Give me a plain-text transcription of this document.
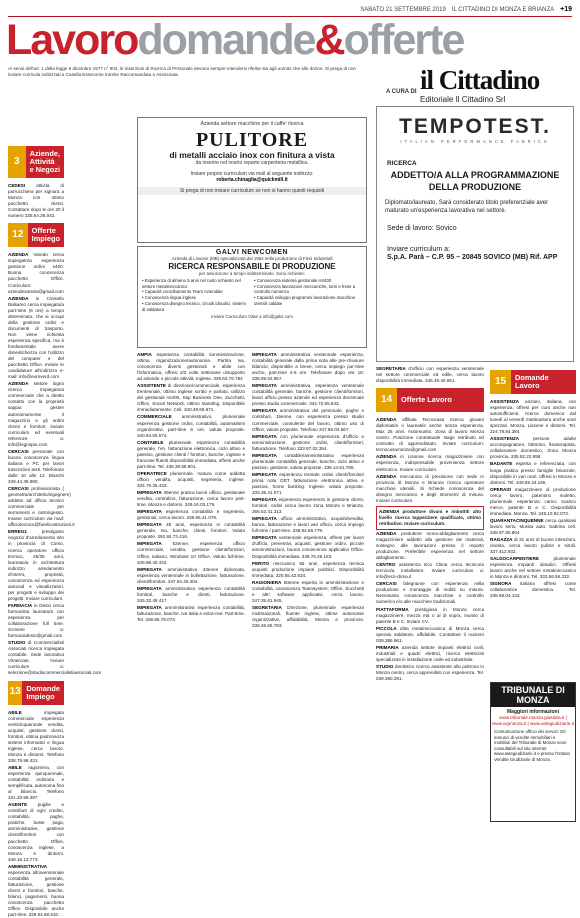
SABATO 21 SETTEMBRE 2019 IL CITTADINO DI MONZA E BRIANZA +19
Lavorodomande&offerte
Ai sensi dell'art. 1 della legge 9 dicembre 1977 n° 903, le inserzioni di Ricerca di Personale devono sempre intendersi riferite sia agli uomini che alle donne. Si prega di non inviare curricula indirizzati a Casella Essecome tramite Raccomandata o Assicurata.
A CURA DI il Cittadino
Editoriale Il Cittadino Srl
3
Aziende, Attività e Negozi

CEDESI attività di parrucchiera per signora a Monza con ottimo pacchetto clienti. Contattare dopo le ore 20 il numero 335.64.36.043.

12	Offerte Impiego

AZIENDA Varedo cerca impiegato/a esperienza gestione ordini s400. Buona conoscenza pacchetto Office. Curriculum: aziendevaredo@gmail.com

AZIENDA in Cinisello Balsamo cerca impiegato/a part-time (6 ore) a tempo determinato, che si occupi della gestione ordini e documenti di trasporto. Non viene richiesta esperienza specifica, ma è fondamentale avere dimestichezza con l'utilizzo del computer e del pacchetto Office. Inviare le candidature all'indirizzo e-mail: info@euroverd.com

AZIENDA settore logno ricerca impiegato/a commerciale che a diretto contatto con la proprietà sappia gestire autonomamente il magazzino e gli ordini clienti e fornitori; inviare curriculum ed eventuali referenze a: info@legnopiu.com

CERCASI personale con buona conoscenza lingua italiana e PC per lavori trascrizioni testi. Telefonare dalle 10 alle 12. Bianchi 349.44.39.880.

CERCASI professionista ( geometra/architetto/ingegnere) addetto ad ufficio tecnico commerciale per serramenti e cartongesso. Inviare curriculum via mail: ufficiotecnico@farelicostruzioni.it

ERREG1 prestigioso negozio d'arredamento sito in provincia di Como, ricerca operatore ufficio tecnico, 25/35 anni, laureato/a in architettura indirizzo arredamento d'interni, proprietà, conoscenza ed esperienza autocad e visualizzatori, per progetti e sviluppo dei progetti. Inviare curriculum.

FARMACIA in Desio cerca farmacista laureato/a con esperienza per collaborazione full time. Scrivere a: farmaciadesio@gmail.com

STUDIO di Commercialisti Associati ricerca impiegata contabile. Sede lavorativa Vimercate. Inviare curriculum a: selezione@studiocommercialistiassociati.com

13 Domande Impiego

ABILE impiegata commerciale esperienza venticinquennale vendita, acquisti, gestione clienti, fornitori, ottima padronanza sistemi informatici e lingua inglese, cerca lavoro. Monza e dintorni. Telefono 338.79.96.431.

ABILE ragioniera, con esperienza quinquennale, contabilità ordinaria e semplificata, autonoma fino al bilancio. Telefono 331.20.58.397

AGENTE pugilie e contributi di ogni credito, contabilità, paghe, pratiche, buste paga, amministrative, gestione clienti/fornitori con pacchetto Office, conoscenza inglese, a Monza e dintorni. 348.16.13.773.

AMMINISTRATIVA esperienza ultraventennale contabilità generale, fatturazione, gestione clienti e fornitori, banche, bilanci, pagamenti, buona conoscenza pacchetto Office. Disponibile anche part-time. 329.54.88.910.

Azienda settore macchine per il caffe' ricerca
PULITORE
di metalli acciaio inox con finitura a vista
da inserire nel nostro reparto carpenteria metallica.
Inviare proprio curriculum via mail al seguente indirizzo:
roberta.chinaglia@quickmill.it
Si prega di non inviare curriculum se non si hanno questi requisiti
GALVI NEWCOMEN
Azienda di Lissone (MB) specializzata dal 1962 nella produzione di Fieni Industriali
RICERCA RESPONSABILE DI PRODUZIONE
per assunzione a tempo indeterminato. Sono richieste:
• Esperienza di almeno 5 anni nel ruolo richiesto nel settore metalmeccanico
• Capacità coordinamento Team Aziendale
• Conoscenza lingua inglese
• Conoscenza disegno tecnico, circuiti idraulici, sistemi di saldatura
• Conoscenza sistema gestionale AS400
• Conoscenza lavorazioni meccaniche, torni e frese a controllo numerico
• Capacità sviluppo programmi lavorazione macchine utensili caldaie
Inviare Curriculum Vitae a info@galvi.com

AMPIA esperienza contabilità /amministrazione, ottima organizzazione/autonomia. Partita Iva, conoscenza diversi gestionali e abile con l'informatica, offresi 2/3 volte settimane o/supporto ad aziende o piccole attività. Inglese. 339.62.76.784

ASSISTENTE di direzione/commerciale, esperienza trentennale, ottimo inglese scritto e parlato, utilizzo dei gestionali As400, Sap Business One, Zucchetti, Office, Social Network, ottimo standing. Disponibile immediatamente. Cell. 340.49.69.671.

COMMERCIALE amministrativo, pluriennale esperienza gestione ordini, contabilità, automatismi organizzativi, part-time 6 ore, valuta proposte. 340.84.50.574.

CONTABILE pluriennale esperienza contabilità generale, IVA, fatturazione elettronica, ciclo attivo e passivo, gestione clienti / fornitori, banche, inglese e francese fluenti disponibilità immediata, offresi anche part-time. Tel. 338.39.68.601.

OPERATRICE pluriennale, matura come addetta ufficio vendita, acquisti, segreteria, inglese. 334.76.35.433.

IMPIEGATA 39enne pratica lavori ufficio, gestionale vendita, centralino, fatturazione, cerca lavoro part-time. Monza e dintorni. 349.16.03.179.

IMPIEGATA esperienza contabilità e segreteria, gestionali, cerca lavoro. 339.65.41.079.

IMPIEGATA 48 anni, esperienza in contabilità generale, Iva, banche, clienti, fornitori. Valuto proposte. 392.84.73.416.

IMPIEGATA 52enne, esperienza ufficio commerciale, vendita, gestione clienti/fornitori, Office, italiano, Windows 10 Office. Valuto full-time. 349.98.40.432.

IMPIEGATA amministrativa 43enne diplomata, esperienza ventennale in bollettazione, fatturazione, clienti/fornitori. 347.94.40.404.

IMPIEGATA amministrativa esperienza contabilità fornitori, banche e clienti, fatturazione. 345.32.48.417.

IMPIEGATA amministrativa esperienza contabilità, fatturazione, banche. Iva italia e extra-cee. Part-time. Tel. 338.65.79.073.

IMPIEGATA amministrativa ventennale esperienza, contabilità generale dalla prima nota alle pre-chiusure bilancio, disponibile a breve, cerca impiego pur-time anche, part-time 4-6 ore. Telefonare dopo ore 16: 338.89.53.857.

IMPIEGATA amministrativa, esperienza ventennale contabilità generale, banche, gestione clienti/fornitori, lavori ufficio presso aziende ed esperienza decennale presso studio commerciale. 334.72.65.843.

IMPIEGATA amministrativa del personale, paghe e contributi, 15enne, con esperienza presso studio commerciale, consulente del lavoro, ottimo uso di Office, valuta proposte. Telefono 347.85.04.667.

IMPIEGATA con pluriennale esperienza d'ufficio e amministrazione, gestione ordini, clienti/fornitori, fatturazione. Telefono 333.97.02.354.

IMPIEGATA contabile/amministrativa esperienza pluriennale contabilità generale, banche, ciclo attivo e passivo, gestione, valuta proposte. 338.14.51.785.

IMPIEGATA esperienza trentale ordini clienti/fornitori prima nota DDT fatturazione elettronica attiva e passiva, home banking. Inglese, valuta proposte. 333.35.41.071.

IMPIEGATA esperienza esperienze in gestione clienti, fornitori, ordini cerca lavoro zona Monza e Brianza. 366.53.41.313.

IMPIEGATA ufficio amministrativo, acquisti/vendita, banca, fatturazione e lavori vari ufficio, cerca impiego full-time / part-time. 338.94.56.779.

IMPIEGATA ventennale esperienza, offresi per lavori d'ufficio, preventivi, acquisti, gestione ordini, piccole amministrazioni, buona conoscenza applicativi Office. Disponibilità immediata. 348.76.49.183.

PERITO meccanico 55 anni, esperienza tecnica acquisti produzione impianti pubblici. Disponibilità immediata. 320.55.42.834.

RAGIONIERA 50enne esperta in amministrazione e contabilità, conoscenza Teamsystem, Office, Zucchetti e altri software applicativi, cerca lavoro. 347.35.61.945.

SEGRETARIA Direzione, pluriennale esperienza multinazionali, fluente inglese, ottime autonomie organizzative, affidabilità, Monza e provincia. 339.45.65.783.

TEMPOTEST.
ITALIAN PERFORMANCE FABRICS
RICERCA
ADDETTO/A ALLA PROGRAMMAZIONE DELLA PRODUZIONE
Diplomato/laureato, Sarà considerato titolo preferenziale aver maturato un'esperienza lavorativa nel settore.
Sede di lavoro: Sovico
Inviare curriculum a:
S.p.A. Parà – C.P. 95 – 20845 SOVICO (MB) Rif. APP

SEGRETARIA d'ufficio con esperienza ventennale nel settore commerciale ed edile, cerca lavoro disponibilità immediata. 345.49.40.661.

14	Offerte Lavoro

AZIENDA affiliata Tecnocasa ricerca giovani diplomati/e o laureati/e anche senza esperienza. Max 26 anni. Automunito. Zona di lavoro Monza centro. Posizione contrattuale stage retribuito ed contratto di apprendistato. Inviare curriculum: tecnocasamonza@gmail.com

AZIENDA in Lissone ricerca magazziniere con esperienza, indispensabile provenienza settore elettronico. Inviare curriculum.

AZIENDA meccanica di precisione con sede in provincia di Monza e Brianza ricerca operatore macchine utensili. Si richiede conoscenza del disegno meccanico e degli strumenti di misura. Inviare curriculum.

AZIENDA produttore divani e imbottiti alto livello ricerca tappezziere qualificato, ottimo retributivo. Inviare curriculum.

AZIENDA produttore mono-abbigliamento cerca magazziniere addetto alla gestione dei materiali, sostegno alle lavorazioni presso il reparto produzione. Preferibile esperienza nel settore abbigliamento.

CENTRO assistenza Eco Clima cerca tecnico/a tecnico/a installatore. Inviare curriculum a: info@eco-clima.it

CERCASI falegname con esperienza nella produzione e montaggio di mobili su misura. Necessaria conoscenza macchine e controllo numerico e/o alle macchine tradizionali.

PIATTAFORMA prestigiosa in Monza cerca magazziniere, mezza età o al di sopra, munito di patente B e C. Inviare CV.

PICCOLA ditta metalmeccanica di Monza cerca operaio saldatore, affidabile. Contattare il numero 039.386.961.

PRIMARIA azienda settore impianti elettrici civili, industriali e quadri elettrici, ricerca elettricisti specializzati in installazione civile ed industriale.

STUDIO dentistico ricerca assistente alla poltrona in Monza centro, cerca apprendisti con esperienza. Tel. 039.360.291.

15	Domande Lavoro

ASSISTENZA anziani, italiana, con esperienza, offresi per curo anche non autosufficienti, ricerca domenica dal lunedì al venerdì mattina/sera anche orari spezzati. Monza, Lissone e dintorni. Tel. 324.78.84.384.

ASSISTENZA persone adulte accompagnatore, fattorino, fisioterapista, collaboratore domestico, Zona Monza provincia. 335.52.22.858.

BADANTE esperta e referenziata, con lunga pratica presso famiglie brianzole, disponibile in vari orari, offresi in Monza e dintorni. Tel. 349.65.34.166.

OPERAIO magazziniere di produzione cerca lavoro, patentino muletto, pluriennale esperienza carico scarico merce, patente B e C. Disponibilità immediata. Monza. Tel. 349.10.92.073.

QUARANTACINQUENNE cerca qualsiasi lavoro serio. Munita auto. Sabrina cell. 338.97.80.804.

RAGAZZA di 31 anni di buone intenzioni, onesta, cerca lavoro pulizie e simili. 337.412.932.

SALDOCARPENTIERE pluriennale esperienza impianti idraulici. Offresi lavoro anche nel settore metalmeccanico in Monza e dintorni. Tel. 333.56.56.332.

SIGNORA italiana offresi come collaboratrice domestica. Tel. 338.69.04.133.

TRIBUNALE DI MONZA
Maggiori informazioni
www.tribunale.monza.giustizia.it | www.ivgmonza.it | www.astegiudiziarie.it
Comunicazione ufficio dei servizi: Gli annunci di vendite immobiliari e mobiliari del Tribunale di Monza sono consultabili sul sito internet www.astegiudiziarie.it e presso l'Istituto Vendite Giudiziarie di Monza.
